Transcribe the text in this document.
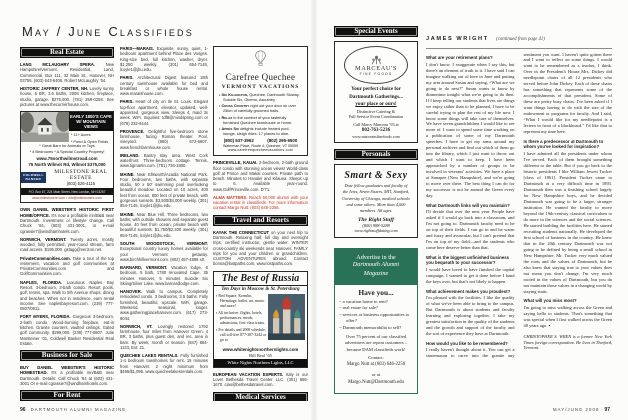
May / June Classifieds
Real Estate

LANG MCLAUGHRY SPERA.	New Hampshire/Vermont. Residential, Land, Commercial. Box 111, 32 Main St., Hanover, NH 03755. (603) 643-6406. Robert McLaughry ’54.

HISTORIC JAFFREY CENTER, NH. Lovely sunny house, 5 BR, 3.5 baths, 2008 kitchen, fireplace, studio, garage. $275,000. (781) 259-0258. See pictures at www.thecurrierhouse.com.

EARLY 1800'S CAPE W/ MOUNTAIN VIEWS
* 11+ Acres
* Pond & Open Fields
* Great Barn for Animals or Toys
* 4 Bedrooms * A Special Country Property!
www.75northwilmotroad.com
75 North Wilmot Rd, Wilmot $375,000
COLDWELL
BANKER
MILESTONE REAL ESTATE
(603) 526-4116
P.O. Box 67, 224 Main Street, New London, NH 03257
www.milestonere.com • info@milestonere.com

OWN DANIEL WEBSTER'S HISTORIC FIRST HOME/OFFICE. It's now a profitable inn/B&B near Dartmouth. Investment or lifestyle change. Call Chuck ’84, (603) 431-3001, or e-mail cgrassie7@windhamhotels.com.

NORWICH, VERMONT. Twenty acres, mostly wooded, fully permitted, year-round stream, farm road access. $195,000. gstagg@verizon.net.

PrivateCommunities.com. Take a tour of the top retirement, vacation and golf communities at PrivateCommunities.com and GolfCommunities.com.

NAPLES, FLORIDA. Luxurious Naples Bay Resort. 3-bedroom, 3-bath condo. Resort pools, golf, tennis, spa. Walk to 5th Avenue shops, dining and beaches. When not in residence, earn rental income. See naplesbayresort.com. (239) 777-0807/0911.

FORT MYERS, FLORIDA. Gorgeous 3-bedroom, 2-bath condo. Wood-burning fireplace, eat-in kitchen. Granite counters, vaulted ceilings. Gated golf community. $299,000. (239) 777-0807. Julie Marsteiner ’01, Coldwell Banker Residential Real Estate.

Business for Sale

BUY DANIEL WEBSTER'S HISTORIC HOMESTEAD. It's a profitable inn/B&B near Dartmouth. Details: Call Chuck ’84 at (603) 431-3001 Or e-mail cgrassie7@windhamhotels.com.

For Rent

PARIS—MARAIS. Exquisite, sunny, quiet, 1-bedroom apartment behind Place des Vosges. King-size bed, full kitchen, washer, dryer. $1,250 weekly. (301) 654-7145, lcoyle1@jhu.edu.

PARIS. Architectural Digest featured 18th century townhouse available for bed and breakfast or whole house rental. www.maraishouse.com.

PARIS. Heart of city on Ile St. Louis. Elegant top-floor apartment, elevator, updated, well-appointed, gorgeous view. Sleeps 4, maid 3x week. WiFi. Inquiries: tdf8@mindspring.com or (678) 232-8444.

PROVENCE. Delightful five-bedroom stone farmhouse, facing Roman theater. Pool, vineyard. (860) 672-6607. www.frenchfarmhouse.com.

IRELAND. Bantry Bay area. West Cork waterfront. Three-bedroom cottage. Tennis. www.tigmartin.com. (781) 736-1800.

MAINE. Near Ellsworth/Acadia National Park. Four bedrooms, two baths, with separate studio, 50 x 50' swimming pool overlooking beautiful meadow. Located on 10 acres, 400 feet from ocean, 800 feet of private beach, with gorgeous sunsets. $3,500/$4,000 weekly. (301) 654-7145, lcoyle1@jhu.edu.

MAINE. Near Blue Hill. Three bedrooms, two baths, with outside showers and separate guest house. 40 feet from ocean, private beach with beautiful sunsets. $1,750/$2,300 weekly. (301) 654-7145, lcoyle1@jhu.edu.

SOUTH WOODSTOCK, VERMONT. Exceptional country luxury homes available for your Vermont getaway. www.birchhillvermont.com. (802) 457-4898 x0.

BARNARD, VERMONT. Vacation lodge, 6 bedroom, 5 bath, 1780 renovated Cape. 35 minutes Hanover, 5 minutes Suicide Six Skiing/Silver Lake. www.barnardlodge.com.

HANOVER. Walk to campus. Completely remodeled condo. 3 bedrooms, 3.5 baths. Fully furnished, beautiful, upscale. WiFi, garage. Weekend, seasonal, longer. www.gatheringplacehanover.com. (617) 273-9044.

NORWICH, VT. Lovingly restored 1792 farmhouse, four miles from Hanover Green. 4 BR, 3 baths, plus guest den, and rec. area in barn. By week, month or season. (847) 864-1133, Ext. 21.

QUECHEE LAKES RENTALS. Fully furnished 1-4 bedroom townhomes for rent. 15 minutes from Hanover. 2 night minimum from $455/$1,095. www.quecheelakesrentals.com.

Carefree Quechee
VERMONT VACATIONS
• Ski Killington, Quechee, Dartmouth Skiway, Suicide Six, Okemo, Ascutney
• Cross Country right out your door on over 25km of carefully groomed trails.
• Relax in the comfort of your tastefully furnished Quechee townhouse or home.
• Après Ski delights include heated pool, lounge, sleigh rides. 17 places to dine.
(800) 537-3962	(802) 295-9500
Waterman Place, Route 4, Quechee, VT 05059
www.carefreequecheevacations.com

PRINCEVILLE, KAUAI. 2-bedroom, 2-bath ground floor condo with stunning ocean views! World-class golf at Prince and Makai courses. Private path to beach. Minutes to Hanalei and Kilauea. Sleeps up to 6. Available year-round. www.GolfPrinceville.com. D’71.

ALMA MATTERS. Reach 50,000 alumni with your vacation rental in classifieds. For more information contact Margo Nutt: (603) 646-2256.

Travel and Resorts

KAYAK THE CONNECTICUT on your next trip to Dartmouth. Relaxing half, full day and overnight trips, certified instructor, gentle water. WINTER cross-country ski weekends near Hanover. FAMILY trips for you and your children or grandchildren. CUSTOM ADVENTURES abroad. Contact bonna@lostpaths.com, www.lostpaths.com.

The Best of Russia
Ten Days in Moscow & St. Petersburg
▪ Red Square, Kremlin, Hermitage, ballet, art, music and more!
▪ All inclusive: flights, hotels, performances, meals, admissions, first-class trains.
▪ For details and 2008 schedule, call toll-free 877-387-3242 or go to
www.whitenightsnorthernlights.com
Bill Beal ’65
White Nights Northern Lights, LLC

EUROPEAN VACATION EXPERTS. Italy is our Love! Bethesda Travel Center LLC. (301) 656-1670. ciao@bethesdatravel.com.

Medical Services

96 DARTMOUTH ALUMNI MAGAZINE
Special Events
MARCEAU'S
FINE FOODS
Your perfect choice for
Dartmouth Gatherings...
your place or ours!
Distinctive Catering &
Full Service Event Coordination
Call Marcy Marceau ’93 at
802-763-5236
www.marceausfinefoods.com
Personals
Smart & Sexy

Date fellow graduates and faculty of the Ivies, Seven Sisters, MIT, Stanford, University of Chicago, medical schools and some others. More than 4,000 members. All ages.

The Right Stuff
(800) 988-5288
www.rightstuffdating.com
Advertise in the
Dartmouth Alumni
Magazine
Have you...
~ a vacation home to rent?
~ real estate for sale?
~ services or business opportunities to offer?
~ Dartmouth memorabilia to sell?

Over 75 percent of our classified advertisers are repeat customers –because DAM classifieds work!

Contact:

Margo Nutt at (603) 646-2256

or at

Margo.Nutt@Dartmouth.edu

JAMES WRIGHT (continued from page 41)

What are your retirement plans?

I don't know. I exaggerate when I say this, but there's an element of truth to it. I have said I can imagine walking out of here in June and putting my arm around Susan and saying, “What are we going to do next?” Susan wants to know by dinnertime tonight what we're going to do then. If I keep telling our students that lives are things we enjoy rather than to be planned, I have to be careful trying to plan the rest of my life now. I know some things will take care of themselves. We have seven grandchildren I would like to see more of. I want to spend some time working on a publication of some of my Dartmouth speeches. I have to get my arms around my personal archives and find out which of them go into the library, which I just want to throw out and which I want to keep. I have been approached by a number of groups to be involved in veterans' activities. We have a place at Sunapee [New Hampshire], and we're going to move over there. The best thing I can do for my successor is not be around the Green every day.

What Dartmouth links will you maintain?

I'll decide that over the next year. People have asked if I would go back into a classroom, and I'm not going to. Dartmouth faculty need to be on top of their fields. I can go in and be warm and fuzzy and avuncular, but I can't pretend that I'm on top of my field—and the students who come here deserve better than that.

What is the biggest unfinished business you bequeath to your successor?

I would have loved to have finished the capital campaign. I wanted to get it done before I hand the keys over, but that's not likely to happen.

What achievement makes you proudest?

I'm pleased with the facilities. I like the quality of what we've been able to bring to the campus. But Dartmouth is about students and faculty learning and exploring together. I take my greatest satisfaction in the quality of the students and the growth and support of the faculty and the sort of experience they have at Dartmouth.

How would you like to be remembered?

I really haven't thought about it. You can get a stonemason to carve into the granite any sentiment you want. I haven't quite gotten there and I want to reflect on some things. I would want to be remembered as a teacher, I think. Over in the President's House Mrs. Dickey did needlepoint chairs of all 12 presidents who served before John Dickey. Each of these chairs has something that represents some of the accomplishments of that president. Some of these are pretty busy chairs. I've been asked if I want things having to do with the size of the endowment or programs for faculty. And I said, “What I would like for my needlepoint is a lectern in front of a blackboard.” I'd like that to represent my time here.

Is there a predecessor at Dartmouth to whom you've looked for inspiration?

I have admired all the presidents under whom I've served. Each of them brought something different to the table. But if you go back to the historic presidents I like William Jewett Tucker [class of 1861]. President Tucker came to Dartmouth at a very difficult time in 1893. Dartmouth then was a finishing school largely for New Hampshire boys, and he decided Dartmouth was going to be a larger, stronger institution. He wanted the faculty to move beyond the 19th-century classical curriculum to do more in the sciences and the social sciences. He started building the facilities here. He started recruiting students nationally. He developed the first school of business in the country. He knew that in the 20th century Dartmouth was not going to be defined by being a small school in New Hampshire. Mr. Tucker very much valued the roots and the values of Dartmouth, but he also knew that staying true to your values does not mean you don't change. I'm very much rooted in the values of Dartmouth, but you do not maintain those values in a changing world by staying static.

What will you miss most?

I'm going to miss walking across the Green and saying hello to students. That's something that was special when I first walked across the Green 40 years ago. ▪

CHRISTOPHER S. WREN is a former New York Times foreign correspondent. He lives in Thetford, Vermont.

MAY/JUNE 2008 97
